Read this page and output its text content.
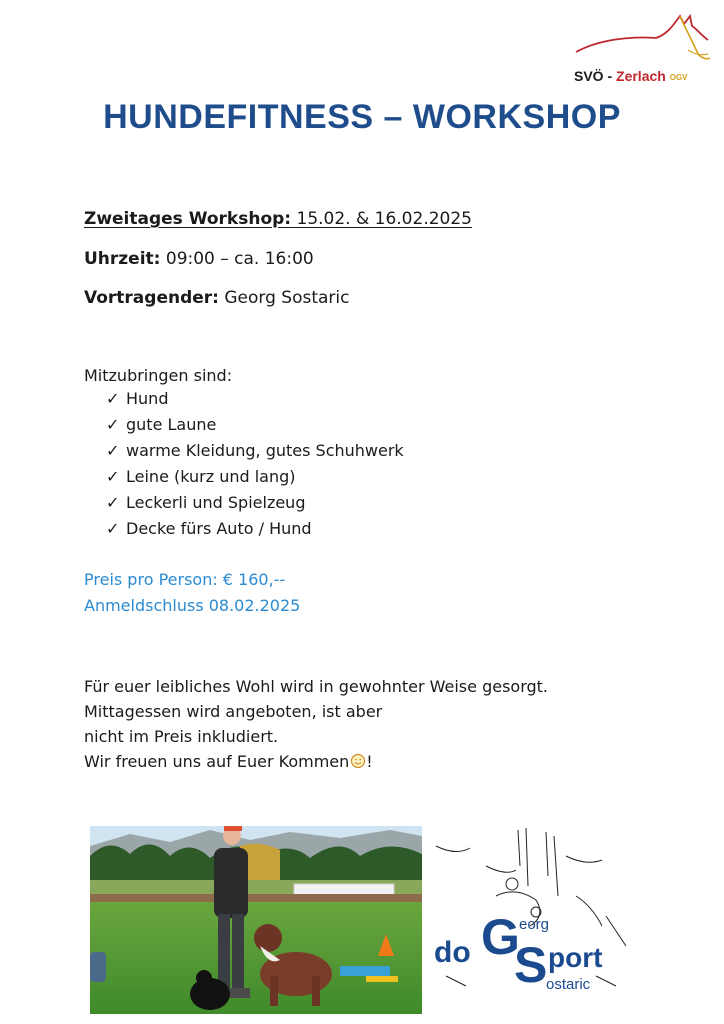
SVÖ - Zerlach OGV
HUNDEFITNESS – WORKSHOP
Zweitages Workshop: 15.02. & 16.02.2025
Uhrzeit: 09:00 – ca. 16:00
Vortragender: Georg Sostaric
Mitzubringen sind:
✓ Hund
✓ gute Laune
✓ warme Kleidung, gutes Schuhwerk
✓ Leine (kurz und lang)
✓ Leckerli und Spielzeug
✓ Decke fürs Auto / Hund
Preis pro Person: € 160,--
Anmeldschluss 08.02.2025
Für euer leibliches Wohl wird in gewohnter Weise gesorgt.
Mittagessen wird angeboten, ist aber
nicht im Preis inkludiert.
Wir freuen uns auf Euer Kommen !
do G eorg
S port
ostaric
